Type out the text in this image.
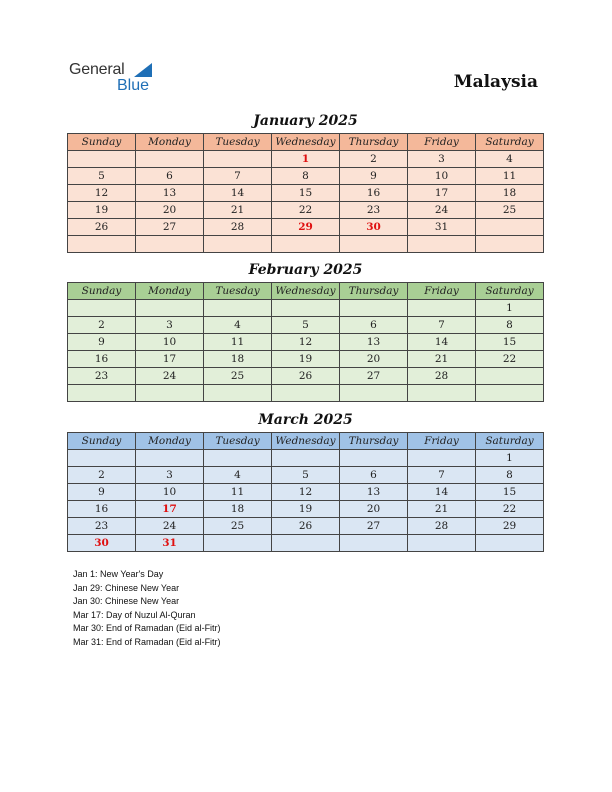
General
Blue	Malaysia
January 2025
Sunday	Monday	Tuesday	Wednesday	Thursday	Friday	Saturday
			1	2	3	4
5	6	7	8	9	10	11
12	13	14	15	16	17	18
19	20	21	22	23	24	25
26	27	28	29	30	31	

February 2025
Sunday	Monday	Tuesday	Wednesday	Thursday	Friday	Saturday
						1
2	3	4	5	6	7	8
9	10	11	12	13	14	15
16	17	18	19	20	21	22
23	24	25	26	27	28	

March 2025
Sunday	Monday	Tuesday	Wednesday	Thursday	Friday	Saturday
						1
2	3	4	5	6	7	8
9	10	11	12	13	14	15
16	17	18	19	20	21	22
23	24	25	26	27	28	29
30	31					
Jan 1: New Year's Day
Jan 29: Chinese New Year
Jan 30: Chinese New Year
Mar 17: Day of Nuzul Al-Quran
Mar 30: End of Ramadan (Eid al-Fitr)
Mar 31: End of Ramadan (Eid al-Fitr)
